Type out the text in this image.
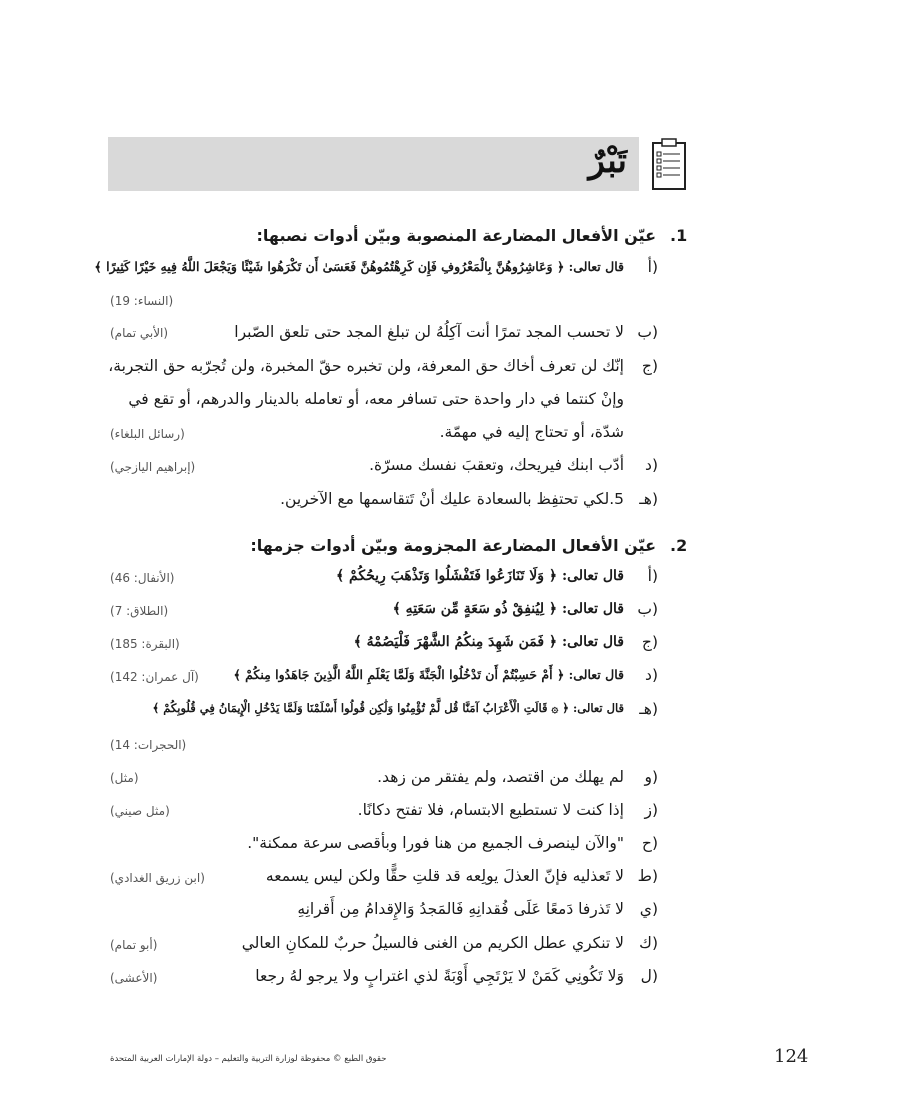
تَبْرٌ
.1
عيّن الأفعال المضارعة المنصوبة وبيّن أدوات نصبها:
أ)
قال تعالى: ﴿ وَعَاشِرُوهُنَّ بِالْمَعْرُوفِ فَإِن كَرِهْتُمُوهُنَّ فَعَسَىٰ أَن تَكْرَهُوا شَيْئًا وَيَجْعَلَ اللَّهُ فِيهِ خَيْرًا كَثِيرًا ﴾
(النساء: 19)
ب)
لا تحسب المجد تمرًا أنت آكِلُهُ لن تبلغ المجد حتى تلعق الصّبرا
(الأبي تمام)
ج)
إنّك لن تعرف أخاك حق المعرفة، ولن تخبره حقّ المخبرة، ولن تُجرّبه حق التجربة،
وإنْ كنتما في دار واحدة حتى تسافر معه، أو تعامله بالدينار والدرهم، أو تقع في
شدّة، أو تحتاج إليه في مهمّة.
(رسائل البلغاء)
د)
أدّب ابنك فيريحك، وتعقبَ نفسك مسرّة.
(إبراهيم اليازجي)
هـ)
5.لكي تحتفِظ بالسعادة عليك أنْ تَتقاسمها مع الآخرين.
.2
عيّن الأفعال المضارعة المجزومة وبيّن أدوات جزمها:
أ)
قال تعالى: ﴿ وَلَا تَنَازَعُوا فَتَفْشَلُوا وَتَذْهَبَ رِيحُكُمْ ﴾
(الأنفال: 46)
ب)
قال تعالى: ﴿ لِيُنفِقْ ذُو سَعَةٍ مِّن سَعَتِهِ ﴾
(الطلاق: 7)
ج)
قال تعالى: ﴿ فَمَن شَهِدَ مِنكُمُ الشَّهْرَ فَلْيَصُمْهُ ﴾
(البقرة: 185)
د)
قال تعالى: ﴿ أَمْ حَسِبْتُمْ أَن تَدْخُلُوا الْجَنَّةَ وَلَمَّا يَعْلَمِ اللَّهُ الَّذِينَ جَاهَدُوا مِنكُمْ ﴾
(آل عمران: 142)
هـ)
قال تعالى: ﴿ ۞ قَالَتِ الْأَعْرَابُ آمَنَّا قُل لَّمْ تُؤْمِنُوا وَلَٰكِن قُولُوا أَسْلَمْنَا وَلَمَّا يَدْخُلِ الْإِيمَانُ فِي قُلُوبِكُمْ ﴾
(الحجرات: 14)
و)
لم يهلك من اقتصد، ولم يفتقر من زهد.
(مثل)
ز)
إذا كنت لا تستطيع الابتسام، فلا تفتح دكانًا.
(مثل صيني)
ح)
"والآن لينصرف الجميع من هنا فورا وبأقصى سرعة ممكنة".
ط)
لا تَعذليه فإنّ العذلَ يولِعه قد قلتِ حقًّا ولكن ليس يسمعه
(ابن زريق الغدادي)
ي)
لا تَذرفا دَمعًا عَلَى فُقدانِهِ فَالمَجدُ وَالإِقدامُ مِن أَقرانِهِ
ك)
لا تنكري عطل الكريم من الغنى فالسيلُ حربٌ للمكانِ العالي
(أبو تمام)
ل)
وَلا تَكُونِي كَمَنْ لا يَرْتَجِي أَوْبَةً لذي اغترابٍ ولا يرجو لهُ رجعا
(الأعشى)
حقوق الطبع © محفوظة لوزارة التربية والتعليم – دولة الإمارات العربية المتحدة	124
